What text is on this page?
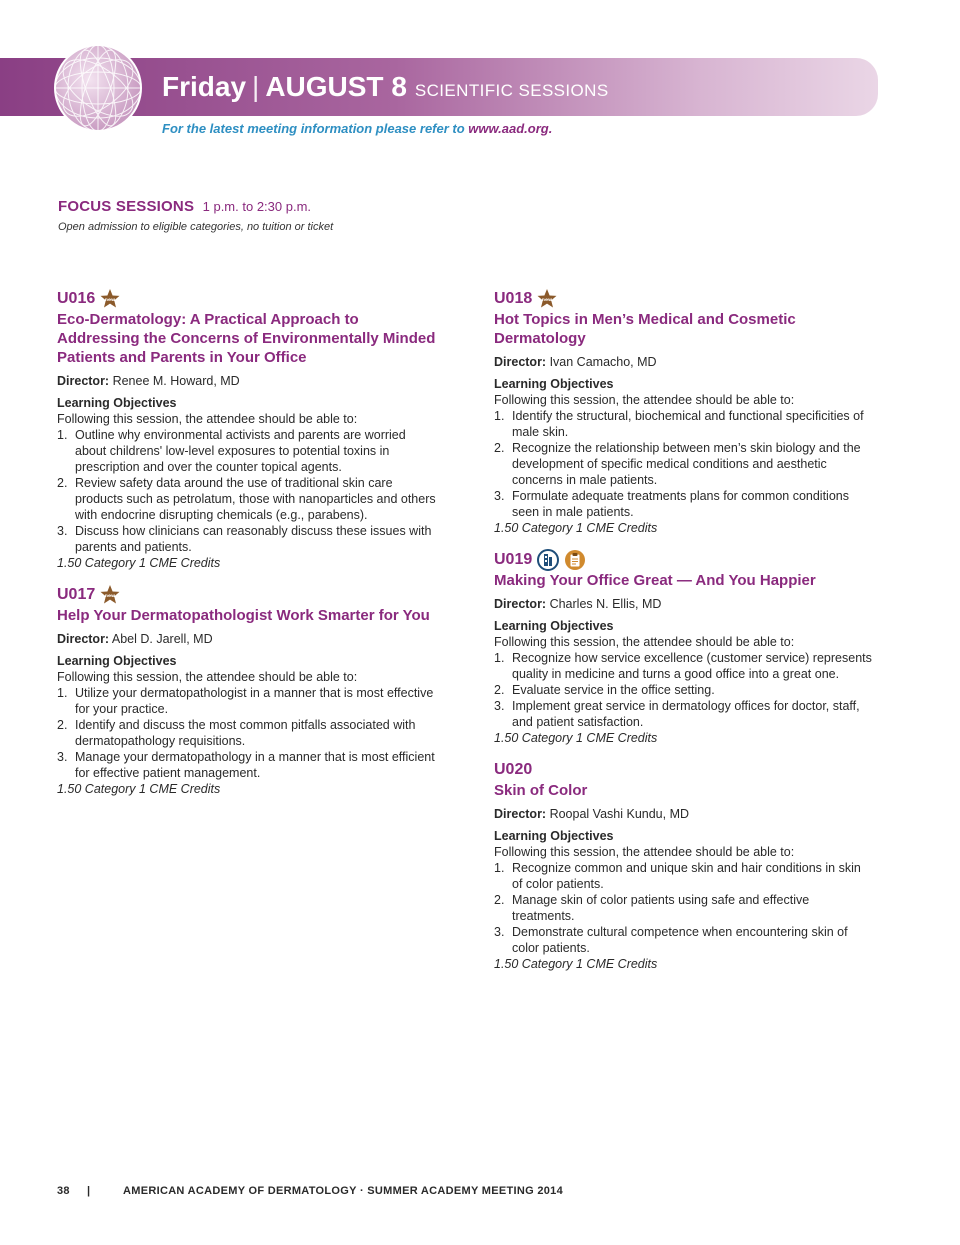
Friday | AUGUST 8 SCIENTIFIC SESSIONS
For the latest meeting information please refer to www.aad.org.
FOCUS SESSIONS 1 p.m. to 2:30 p.m.
Open admission to eligible categories, no tuition or ticket
U016 new
Eco-Dermatology: A Practical Approach to Addressing the Concerns of Environmentally Minded Patients and Parents in Your Office
Director: Renee M. Howard, MD
Learning Objectives
Following this session, the attendee should be able to:
1. Outline why environmental activists and parents are worried about childrens' low-level exposures to potential toxins in prescription and over the counter topical agents.
2. Review safety data around the use of traditional skin care products such as petrolatum, those with nanoparticles and others with endocrine disrupting chemicals (e.g., parabens).
3. Discuss how clinicians can reasonably discuss these issues with parents and patients.
1.50 Category 1 CME Credits
U017 new
Help Your Dermatopathologist Work Smarter for You
Director: Abel D. Jarell, MD
Learning Objectives
Following this session, the attendee should be able to:
1. Utilize your dermatopathologist in a manner that is most effective for your practice.
2. Identify and discuss the most common pitfalls associated with dermatopathology requisitions.
3. Manage your dermatopathology in a manner that is most efficient for effective patient management.
1.50 Category 1 CME Credits
U018 new
Hot Topics in Men’s Medical and Cosmetic Dermatology
Director: Ivan Camacho, MD
Learning Objectives
Following this session, the attendee should be able to:
1. Identify the structural, biochemical and functional specificities of male skin.
2. Recognize the relationship between men’s skin biology and the development of specific medical conditions and aesthetic concerns in male patients.
3. Formulate adequate treatments plans for common conditions seen in male patients.
1.50 Category 1 CME Credits
U019
Making Your Office Great — And You Happier
Director: Charles N. Ellis, MD
Learning Objectives
Following this session, the attendee should be able to:
1. Recognize how service excellence (customer service) represents quality in medicine and turns a good office into a great one.
2. Evaluate service in the office setting.
3. Implement great service in dermatology offices for doctor, staff, and patient satisfaction.
1.50 Category 1 CME Credits
U020
Skin of Color
Director: Roopal Vashi Kundu, MD
Learning Objectives
Following this session, the attendee should be able to:
1. Recognize common and unique skin and hair conditions in skin of color patients.
2. Manage skin of color patients using safe and effective treatments.
3. Demonstrate cultural competence when encountering skin of color patients.
1.50 Category 1 CME Credits
38 |	AMERICAN ACADEMY OF DERMATOLOGY · SUMMER ACADEMY MEETING 2014
